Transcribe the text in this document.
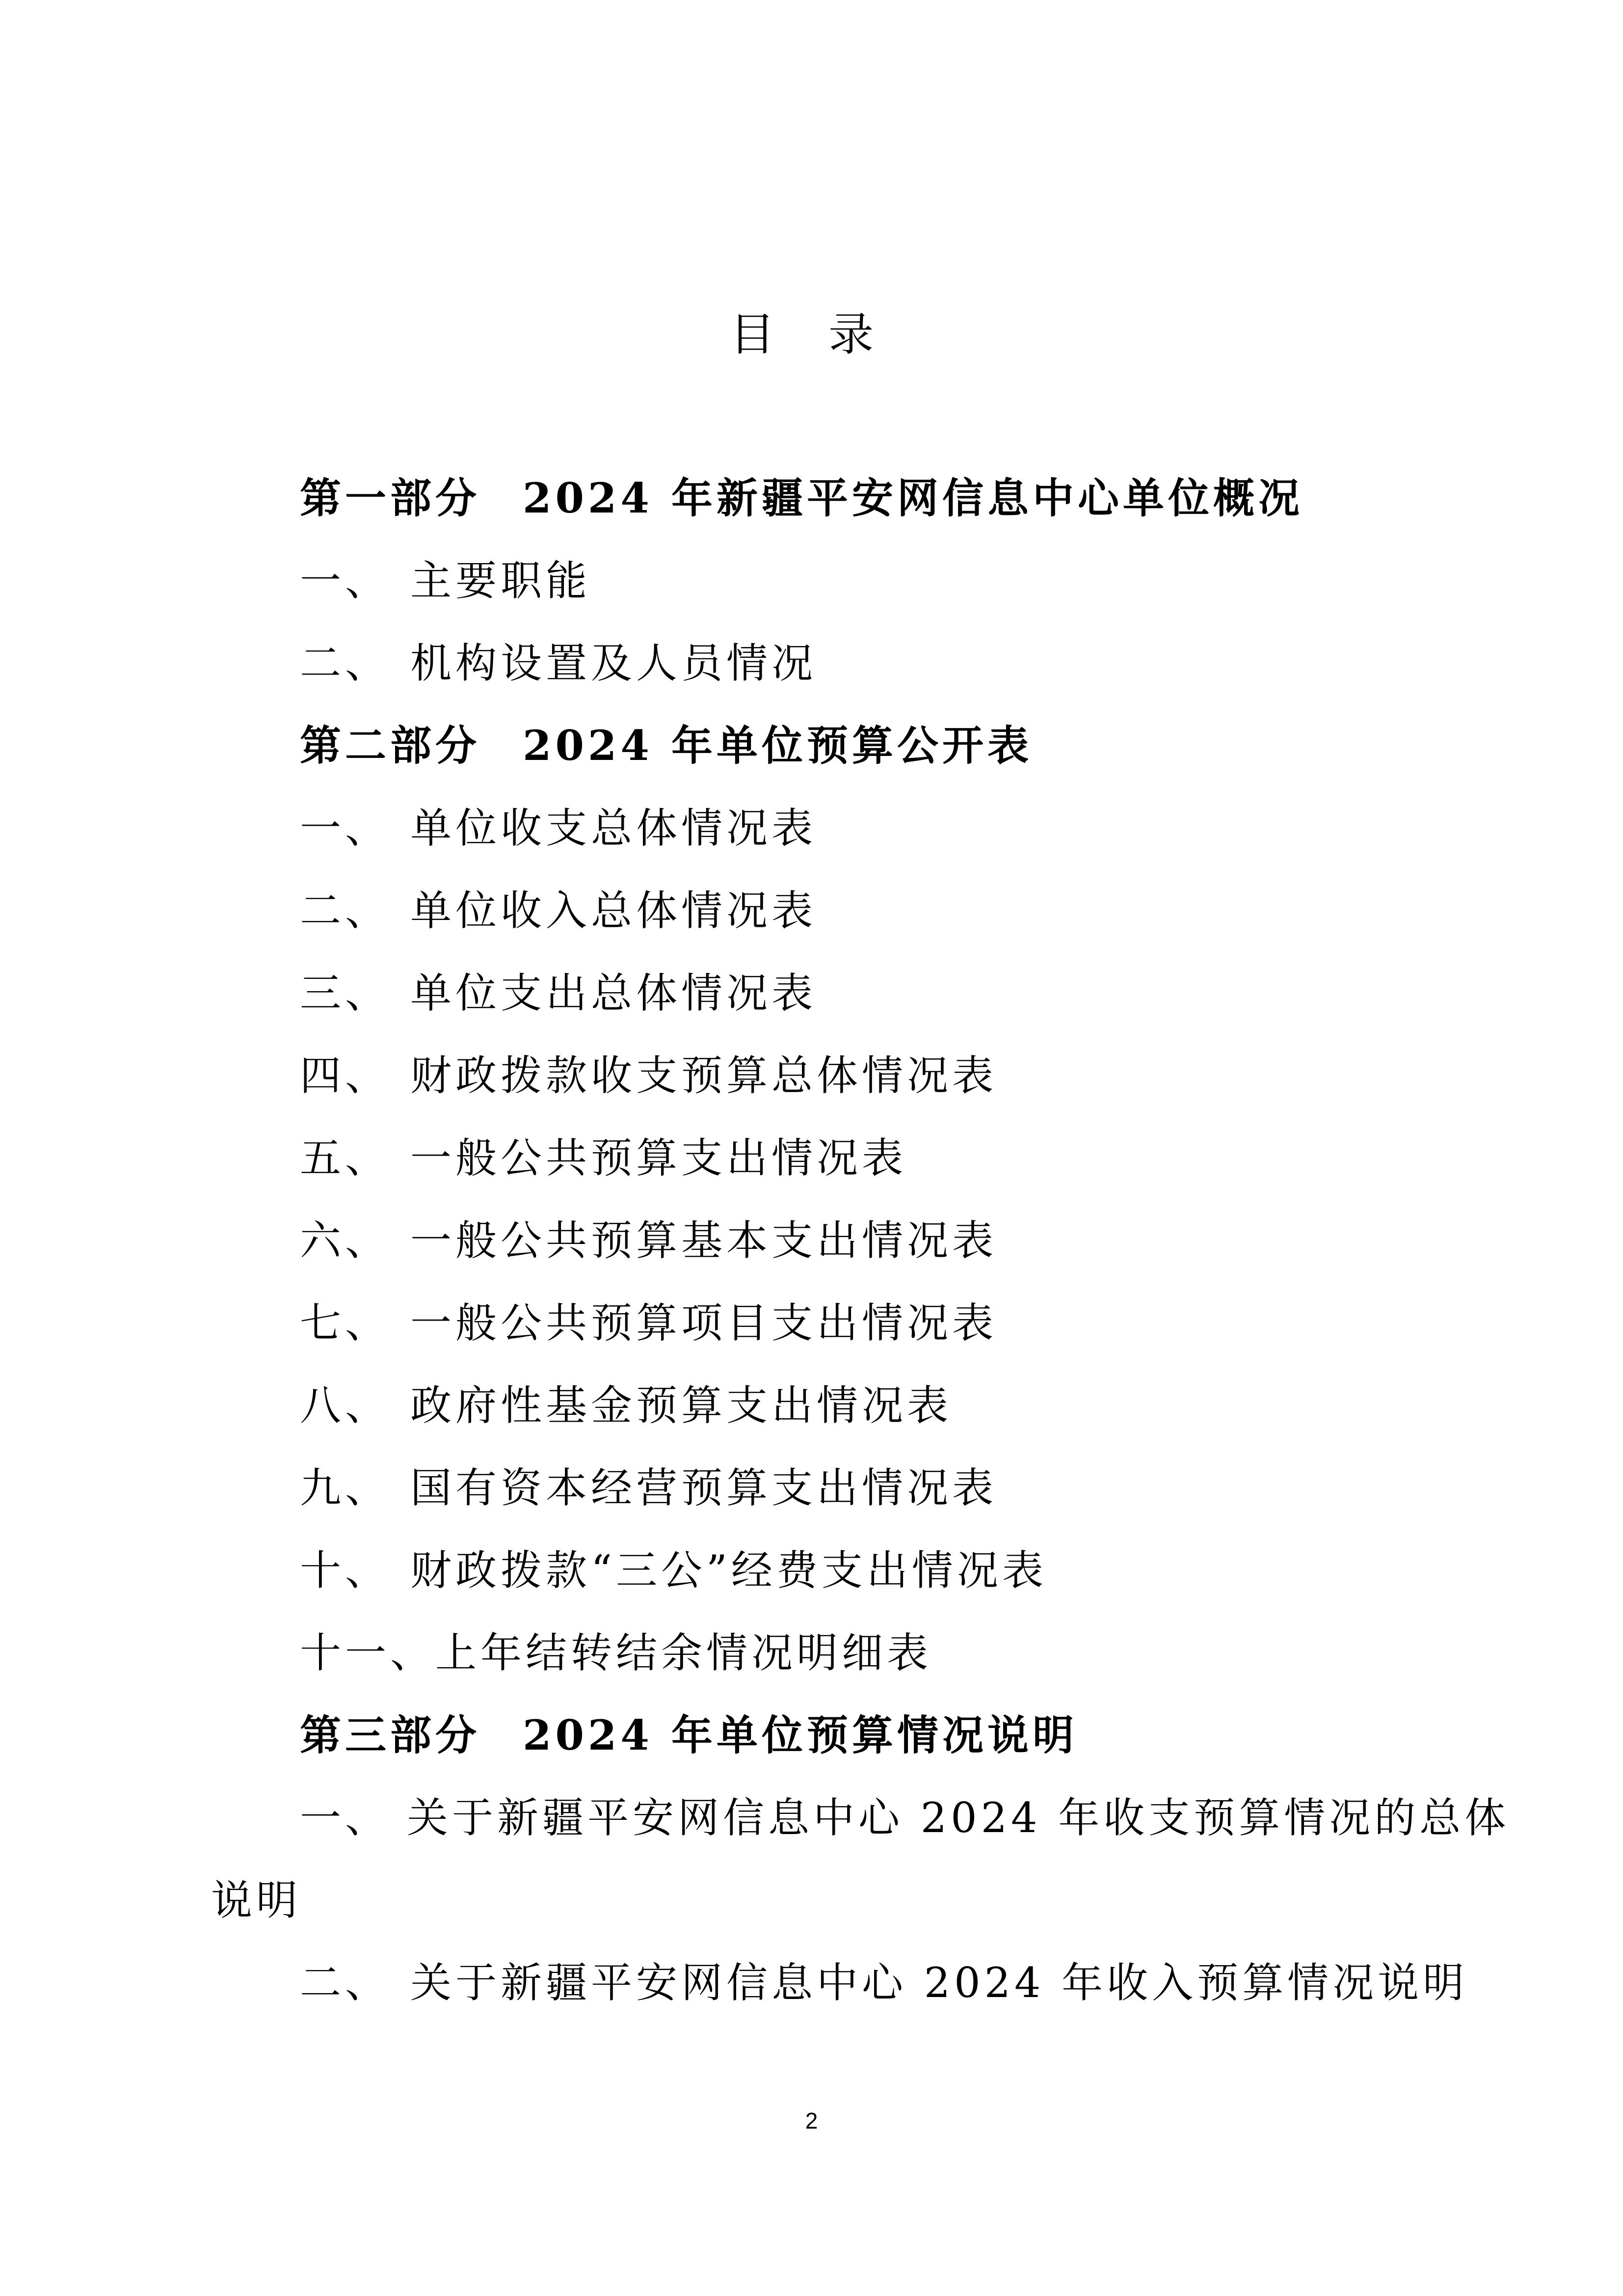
目 录
第一部分 2024 年新疆平安网信息中心单位概况
一、 主要职能
二、 机构设置及人员情况
第二部分 2024 年单位预算公开表
一、 单位收支总体情况表
二、 单位收入总体情况表
三、 单位支出总体情况表
四、 财政拨款收支预算总体情况表
五、 一般公共预算支出情况表
六、 一般公共预算基本支出情况表
七、 一般公共预算项目支出情况表
八、 政府性基金预算支出情况表
九、 国有资本经营预算支出情况表
十、 财政拨款“三公”经费支出情况表
十一、上年结转结余情况明细表
第三部分 2024 年单位预算情况说明
一、 关于新疆平安网信息中心 2024 年收支预算情况的总体
说明
二、 关于新疆平安网信息中心 2024 年收入预算情况说明
2
